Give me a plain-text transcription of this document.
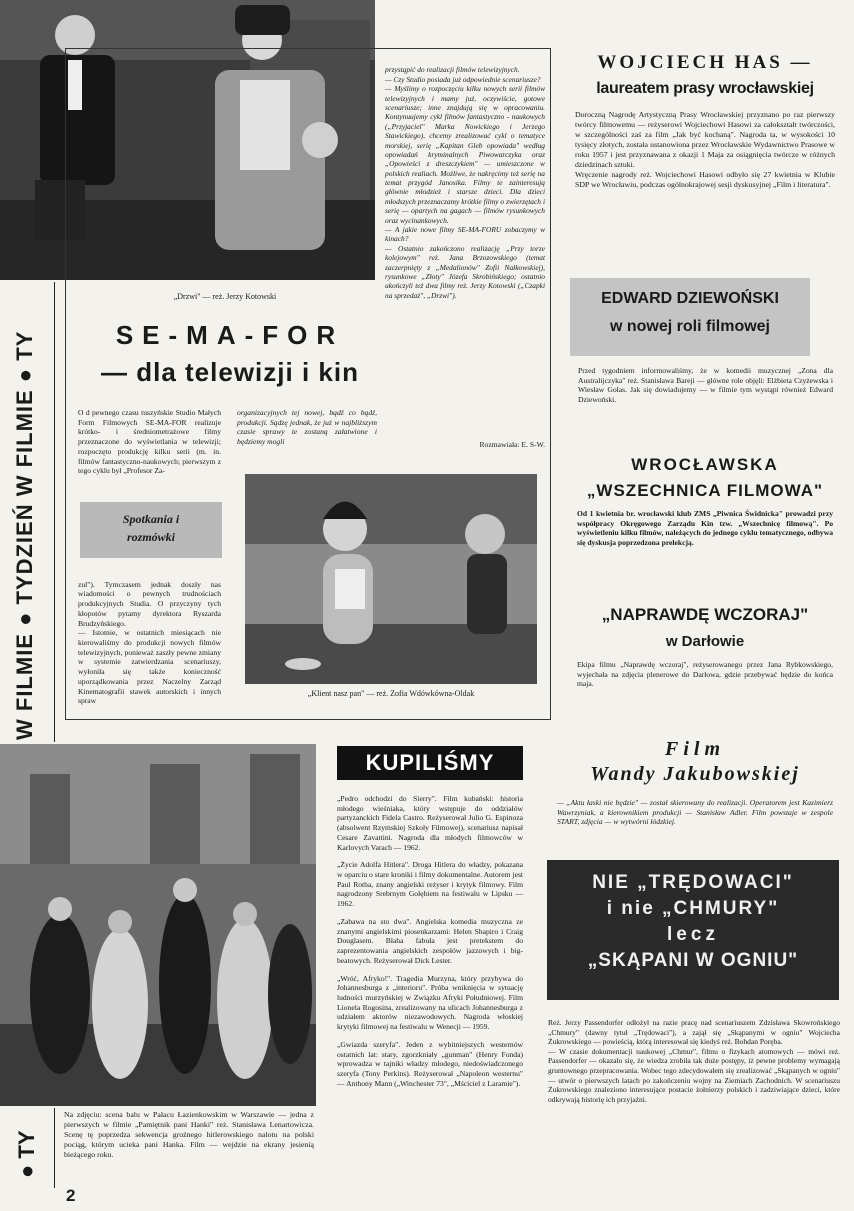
W FILMIE ● TYDZIEŃ W FILMIE ● TY
„Drzwi" — reż. Jerzy Kotowski

przystąpić do realizacji filmów telewizyjnych.
— Czy Studio posiada już odpowiednie scenariusze?
— Myślimy o rozpoczęciu kilku nowych serii filmów telewizyjnych i mamy już, oczywiście, gotowe scenariusze; inne znajdują się w opracowaniu. Kontynuujemy cykl filmów fantastyczno - naukowych („Przyjaciel" Marka Nowickiego i Jerzego Stawickiego), chcemy zrealizować cykl o tematyce morskiej, serię „Kapitan Gleb opowiada" według opowiadań kryminalnych Piwowarczyka oraz „Opowieści z dreszczykiem" — umieszczone w polskich realiach. Możliwe, że nakręcimy też serię na temat przygód Janosika. Filmy te zainteresują głównie młodzież i starsze dzieci. Dla dzieci młodszych przeznaczamy krótkie filmy o zwierzętach i serię — opartych na gagach — filmów rysunkowych oraz wycinankowych.
— A jakie nowe filmy SE-MA-FORU zobaczymy w kinach?
— Ostatnio zakończono realizację „Przy torze kolejowym" reż. Jana Brzozowskiego (temat zaczerpnięty z „Medalionów" Zofii Nałkowskiej), rysunkowe „Złoty" Józefa Skrobińskiego; ostatnio ukończyli też dwa filmy reż. Jerzy Kotowski („Czapki na sprzedaż", „Drzwi").

Rozmawiała: E. S-W.
SE-MA-FOR
— dla telewizji i kin
O d pewnego czasu tuszyńskie Studio Małych Form Filmowych SE-MA-FOR realizuje krótko- i średniometrażowe filmy przeznaczone do wyświetlania w telewizji; rozpoczęto produkcję kilku serii (m. in. filmów fantastyczno-naukowych; pierwszym z tego cyklu był „Profesor Za-
organizacyjnych tej nowej, bądź co bądź, produkcji. Sądzę jednak, że już w najbliższym czasie sprawy te zostaną załatwione i będziemy mogli
Spotkania i rozmówki

zul"). Tymczasem jednak doszły nas wiadomości o pewnych trudnościach produkcyjnych Studia. O przyczyny tych kłopotów pytamy dyrektora Ryszarda Brudzyńskiego.
— Istotnie, w ostatnich miesiącach nie kierowaliśmy do produkcji nowych filmów telewizyjnych, ponieważ zaszły pewne zmiany w systemie zatwierdzania scenariuszy, wyłoniła się także konieczność uporządkowania przez Naczelny Zarząd Kinematografii stawek autorskich i innych spraw

„Klient nasz pan" — reż. Zofia Wdówkówna-Oldak
WOJCIECH HAS —
laureatem prasy wrocławskiej
Doroczną Nagrodę Artystyczną Prasy Wrocławskiej przyznano po raz pierwszy twórcy filmowemu — reżyserowi Wojciechowi Hasowi za całokształt twórczości, w szczególności zaś za film „Jak być kochaną". Nagroda ta, w wysokości 10 tysięcy złotych, została ustanowiona przez Wrocławskie Wydawnictwo Prasowe w roku 1957 i jest przyznawana z okazji 1 Maja za osiągnięcia twórcze w różnych dziedzinach sztuki.
Wręczenie nagrody reż. Wojciechowi Hasowi odbyło się 27 kwietnia w Klubie SDP we Wrocławiu, podczas ogólnokrajowej sesji dyskusyjnej „Film i literatura".
EDWARD DZIEWOŃSKI
w nowej roli filmowej
Przed tygodniem informowaliśmy, że w komedii muzycznej „Zona dla Australijczyka" reż. Stanisława Bareji — główne role objęli: Elżbieta Czyżewska i Wiesław Gołas. Jak się dowiadujemy — w filmie tym wystąpi również Edward Dziewoński.
WROCŁAWSKA
„WSZECHNICA FILMOWA"
Od 1 kwietnia br. wrocławski klub ZMS „Piwnica Świdnicka" prowadzi przy współpracy Okręgowego Zarządu Kin tzw. „Wszechnicę filmową". Po wyświetleniu kilku filmów, należących do jednego cyklu tematycznego, odbywa się dyskusja poprzedzona prelekcją.
„NAPRAWDĘ WCZORAJ"
w Darłowie
Ekipa filmu „Naprawdę wczoraj", reżyserowanego przez Jana Rybkowskiego, wyjechała na zdjęcia plenerowe do Darłowa, gdzie przebywać będzie do końca maja.
Film
Wandy Jakubowskiej
— „Aktu łaski nie będzie" — został skierowany do realizacji. Operatorem jest Kazimierz Wawrzyniak, a kierownikiem produkcji — Stanisław Adler. Film powstaje w zespole START, zdjęcia — w wytwórni łódzkiej.
NIE „TRĘDOWACI"
i nie „CHMURY"
lecz
„SKĄPANI W OGNIU"
Reż. Jerzy Passendorfer odłożył na razie pracę nad scenariuszem Zdzisława Skowrońskiego „Chmury" (dawny tytuł „Trędowaci"), a zajął się „Skąpanymi w ogniu" Wojciecha Żukrowskiego — powieścią, którą interesował się kiedyś reż. Bohdan Poręba.
— W czasie dokumentacji naukowej „Chmur", filmu o fizykach atomowych — mówi reż. Passendorfer — okazało się, że wiedza zrobiła tak duże postępy, iż pewne problemy wymagają gruntownego przepracowania. Wobec tego zdecydowałem się zrealizować „Skąpanych w ogniu" — utwór o pierwszych latach po zakończeniu wojny na Ziemiach Zachodnich. W scenariuszu Żukrowskiego znaleziono interesujące postacie żołnierzy polskich i zadziwiające dzieci, które odkrywają historię ich przyjaźni.
● TY
Na zdjęciu: scena balu w Pałacu Łazienkowskim w Warszawie — jedna z pierwszych w filmie „Pamiętnik pani Hanki" reż. Stanisława Lenartowicza. Scenę tę poprzedza sekwencja groźnego hitlerowskiego nalotu na polski pociąg, którym ucieka pani Hanka. Film — wejdzie na ekrany jesienią bieżącego roku.
2
KUPILIŚMY

„Pedro odchodzi do Sierry". Film kubański: historia młodego wieśniaka, który wstępuje do oddziałów partyzanckich Fidela Castro. Reżyserował Julio G. Espinoza (absolwent Rzymskiej Szkoły Filmowej), scenariusz napisał Cesare Zavattini. Nagroda dla młodych filmowców w Karlovych Varach — 1962.

„Życie Adolfa Hitlera". Droga Hitlera do władzy, pokazana w oparciu o stare kroniki i filmy dokumentalne. Autorem jest Paul Rotha, znany angielski reżyser i krytyk filmowy. Film nagrodzony Srebrnym Gołębiem na festiwalu w Lipsku — 1962.

„Zabawa na sto dwa". Angielska komedia muzyczna ze znanymi angielskimi piosenkarzami: Helen Shapiro i Craig Douglasem. Błaha fabuła jest pretekstem do zaprezentowania angielskich zespołów jazzowych i big-beatowych. Reżyserował Dick Lester.

„Wróć, Afryko!". Tragedia Murzyna, który przybywa do Johannesburga z „interioru". Próba wniknięcia w sytuację ludności murzyńskiej w Związku Afryki Południowej. Film Lionela Rogosina, zrealizowany na ulicach Johannesburga z udziałem aktorów niezawodowych. Nagroda włoskiej krytyki filmowej na festiwalu w Wenecji — 1959.

„Gwiazda szeryfa". Jeden z wybitniejszych westernów ostatnich lat: stary, zgorzkniały „gunman" (Henry Fonda) wprowadza w tajniki władzy młodego, niedoświadczonego szeryfa (Tony Perkins). Reżyserował „Napoleon westernu" — Anthony Mann („Winchester 73", „Mściciel z Laramie").
